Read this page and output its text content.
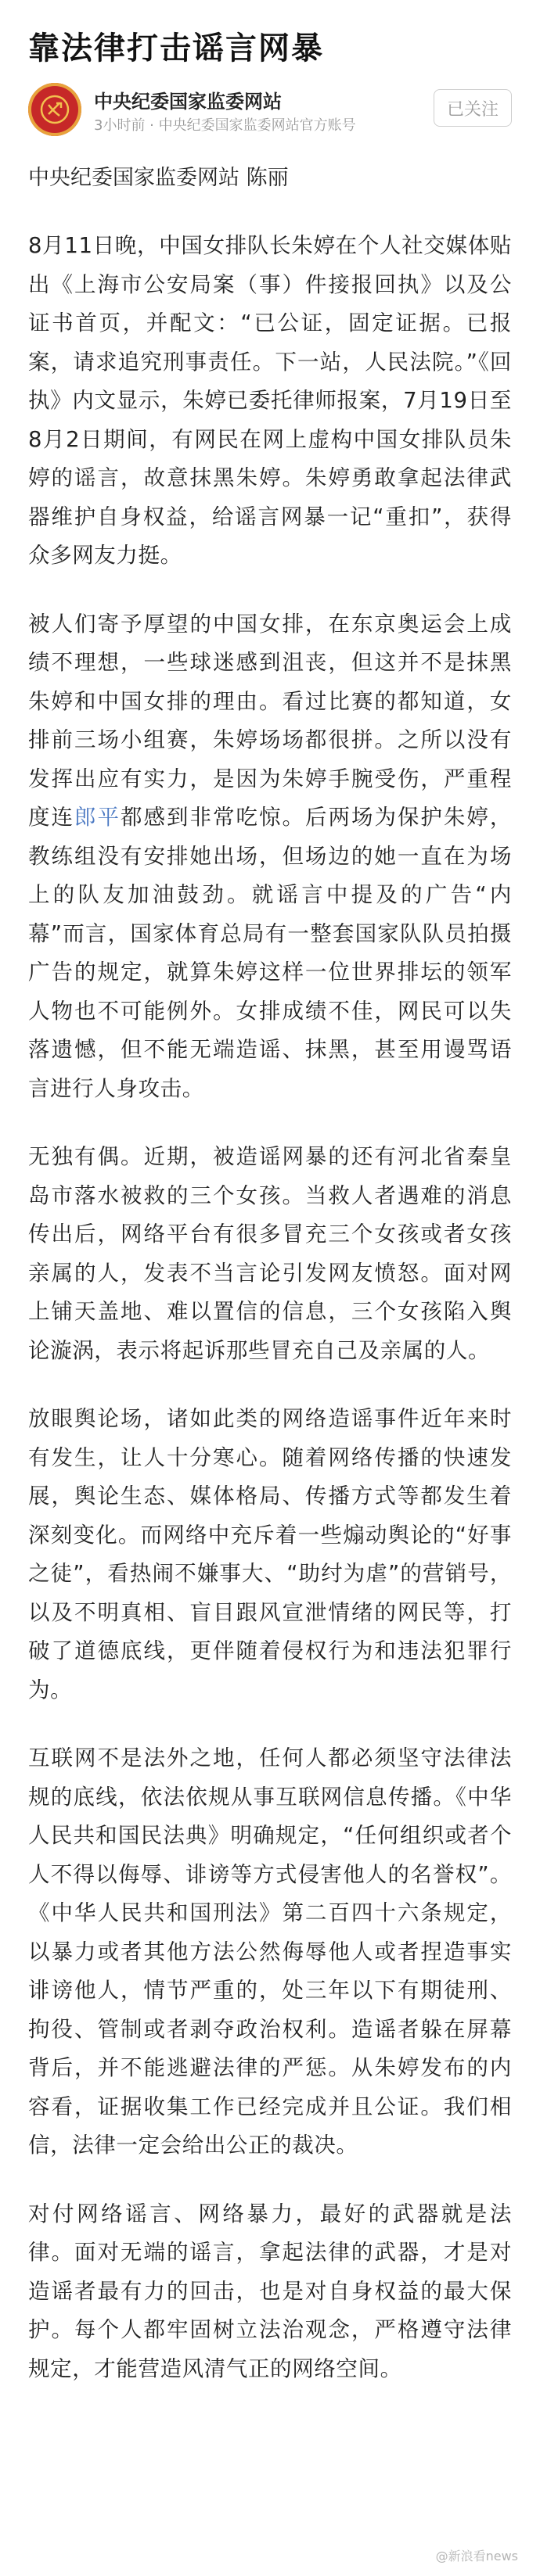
靠法律打击谣言网暴
中央纪委国家监委网站
3小时前 · 中央纪委国家监委网站官方账号
已关注

中央纪委国家监委网站 陈丽

8月11日晚，中国女排队长朱婷在个人社交媒体贴出《上海市公安局案（事）件接报回执》以及公证书首页，并配文：“已公证，固定证据。已报案，请求追究刑事责任。下一站，人民法院。”《回执》内文显示，朱婷已委托律师报案，7月19日至8月2日期间，有网民在网上虚构中国女排队员朱婷的谣言，故意抹黑朱婷。朱婷勇敢拿起法律武器维护自身权益，给谣言网暴一记“重扣”，获得众多网友力挺。

被人们寄予厚望的中国女排，在东京奥运会上成绩不理想，一些球迷感到沮丧，但这并不是抹黑朱婷和中国女排的理由。看过比赛的都知道，女排前三场小组赛，朱婷场场都很拼。之所以没有发挥出应有实力，是因为朱婷手腕受伤，严重程度连郎平都感到非常吃惊。后两场为保护朱婷，教练组没有安排她出场，但场边的她一直在为场上的队友加油鼓劲。就谣言中提及的广告“内幕”而言，国家体育总局有一整套国家队队员拍摄广告的规定，就算朱婷这样一位世界排坛的领军人物也不可能例外。女排成绩不佳，网民可以失落遗憾，但不能无端造谣、抹黑，甚至用谩骂语言进行人身攻击。

无独有偶。近期，被造谣网暴的还有河北省秦皇岛市落水被救的三个女孩。当救人者遇难的消息传出后，网络平台有很多冒充三个女孩或者女孩亲属的人，发表不当言论引发网友愤怒。面对网上铺天盖地、难以置信的信息，三个女孩陷入舆论漩涡，表示将起诉那些冒充自己及亲属的人。

放眼舆论场，诸如此类的网络造谣事件近年来时有发生，让人十分寒心。随着网络传播的快速发展，舆论生态、媒体格局、传播方式等都发生着深刻变化。而网络中充斥着一些煽动舆论的“好事之徒”，看热闹不嫌事大、“助纣为虐”的营销号，以及不明真相、盲目跟风宣泄情绪的网民等，打破了道德底线，更伴随着侵权行为和违法犯罪行为。

互联网不是法外之地，任何人都必须坚守法律法规的底线，依法依规从事互联网信息传播。《中华人民共和国民法典》明确规定，“任何组织或者个人不得以侮辱、诽谤等方式侵害他人的名誉权”。《中华人民共和国刑法》第二百四十六条规定，以暴力或者其他方法公然侮辱他人或者捏造事实诽谤他人，情节严重的，处三年以下有期徒刑、拘役、管制或者剥夺政治权利。造谣者躲在屏幕背后，并不能逃避法律的严惩。从朱婷发布的内容看，证据收集工作已经完成并且公证。我们相信，法律一定会给出公正的裁决。

对付网络谣言、网络暴力，最好的武器就是法律。面对无端的谣言，拿起法律的武器，才是对造谣者最有力的回击，也是对自身权益的最大保护。每个人都牢固树立法治观念，严格遵守法律规定，才能营造风清气正的网络空间。

@新浪看news
